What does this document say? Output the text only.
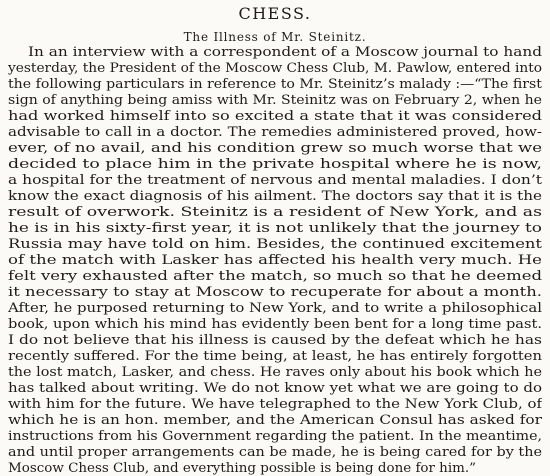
CHESS.
The Illness of Mr. Steinitz.
In an interview with a correspondent of a Moscow journal to hand
yesterday, the President of the Moscow Chess Club, M. Pawlow, entered into
the following particulars in reference to Mr. Steinitz’s malady :—“The first
sign of anything being amiss with Mr. Steinitz was on February 2, when he
had worked himself into so excited a state that it was considered
advisable to call in a doctor. The remedies administered proved, how-
ever, of no avail, and his condition grew so much worse that we
decided to place him in the private hospital where he is now,
a hospital for the treatment of nervous and mental maladies. I don’t
know the exact diagnosis of his ailment. The doctors say that it is the
result of overwork. Steinitz is a resident of New York, and as
he is in his sixty-first year, it is not unlikely that the journey to
Russia may have told on him. Besides, the continued excitement
of the match with Lasker has affected his health very much. He
felt very exhausted after the match, so much so that he deemed
it necessary to stay at Moscow to recuperate for about a month.
After, he purposed returning to New York, and to write a philosophical
book, upon which his mind has evidently been bent for a long time past.
I do not believe that his illness is caused by the defeat which he has
recently suffered. For the time being, at least, he has entirely forgotten
the lost match, Lasker, and chess. He raves only about his book which he
has talked about writing. We do not know yet what we are going to do
with him for the future. We have telegraphed to the New York Club, of
which he is an hon. member, and the American Consul has asked for
instructions from his Government regarding the patient. In the meantime,
and until proper arrangements can be made, he is being cared for by the
Moscow Chess Club, and everything possible is being done for him.”
